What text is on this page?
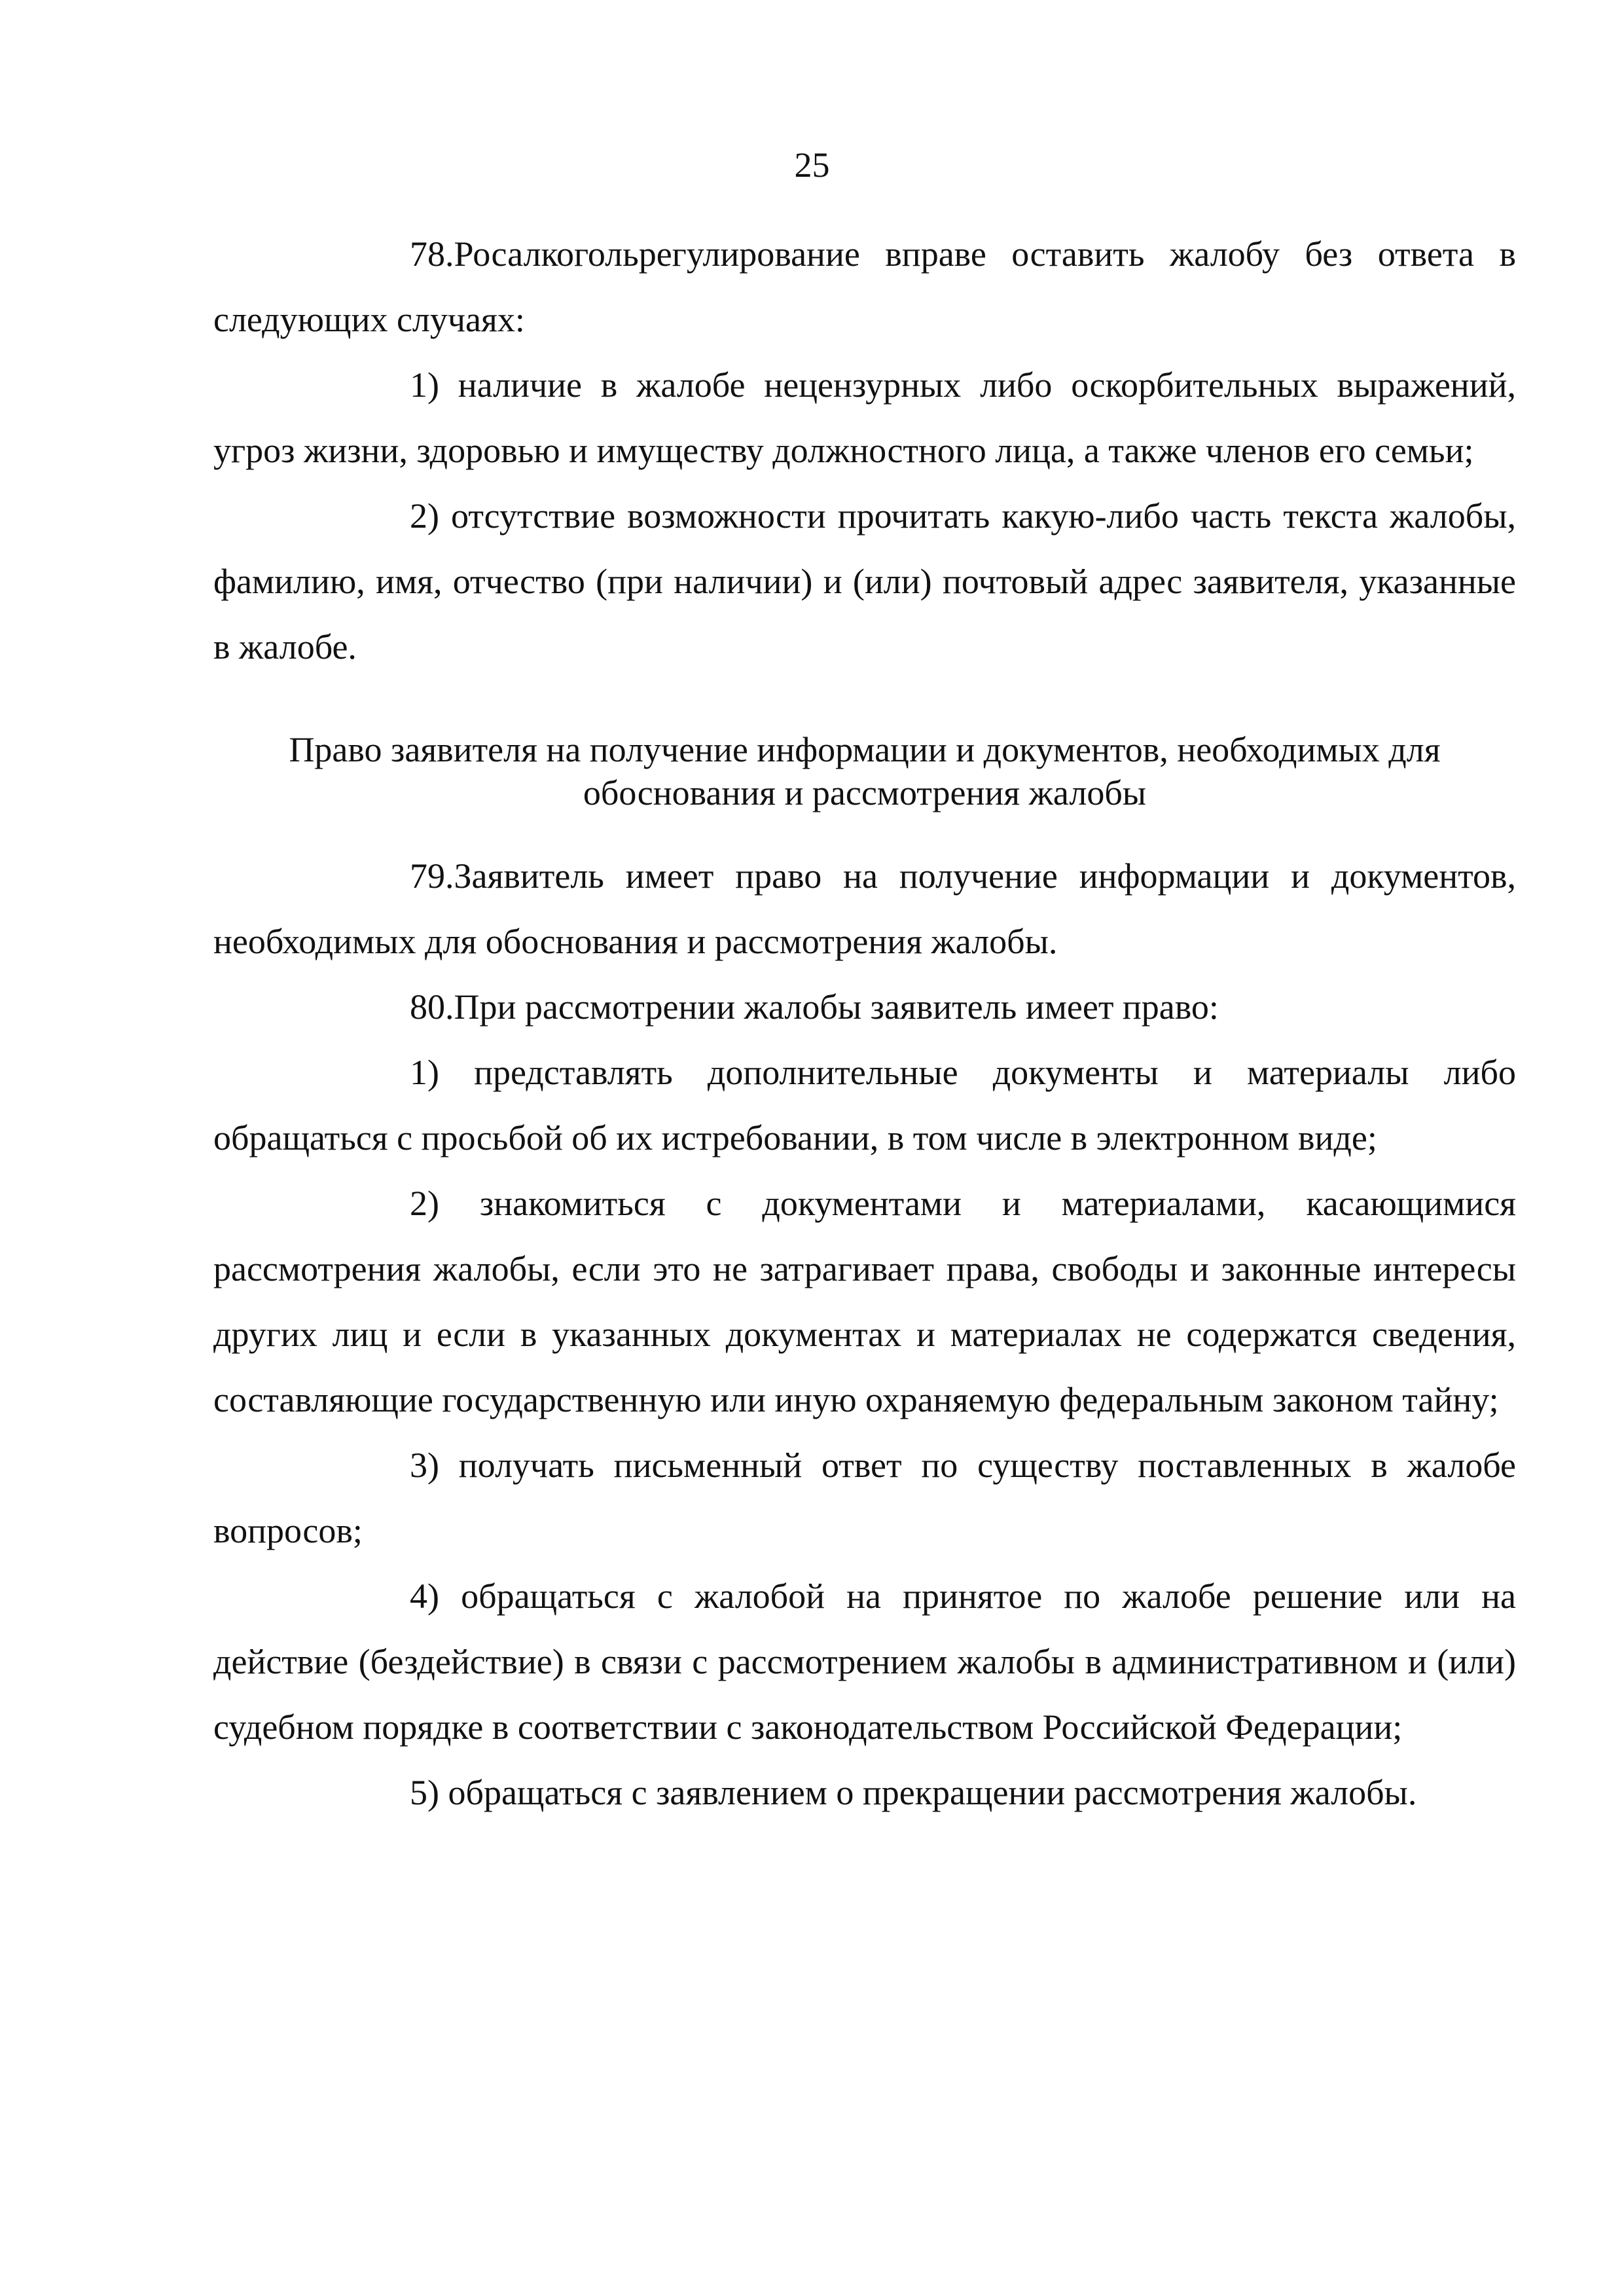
25

78.Росалкогольрегулирование вправе оставить жалобу без ответа в следующих случаях:

1) наличие в жалобе нецензурных либо оскорбительных выражений, угроз жизни, здоровью и имуществу должностного лица, а также членов его семьи;

2) отсутствие возможности прочитать какую-либо часть текста жалобы, фамилию, имя, отчество (при наличии) и (или) почтовый адрес заявителя, указанные в жалобе.

Право заявителя на получение информации и документов, необходимых для обоснования и рассмотрения жалобы

79.Заявитель имеет право на получение информации и документов, необходимых для обоснования и рассмотрения жалобы.

80.При рассмотрении жалобы заявитель имеет право:

1) представлять дополнительные документы и материалы либо обращаться с просьбой об их истребовании, в том числе в электронном виде;

2) знакомиться с документами и материалами, касающимися рассмотрения жалобы, если это не затрагивает права, свободы и законные интересы других лиц и если в указанных документах и материалах не содержатся сведения, составляющие государственную или иную охраняемую федеральным законом тайну;

3) получать письменный ответ по существу поставленных в жалобе вопросов;

4) обращаться с жалобой на принятое по жалобе решение или на действие (бездействие) в связи с рассмотрением жалобы в административном и (или) судебном порядке в соответствии с законодательством Российской Федерации;

5) обращаться с заявлением о прекращении рассмотрения жалобы.
